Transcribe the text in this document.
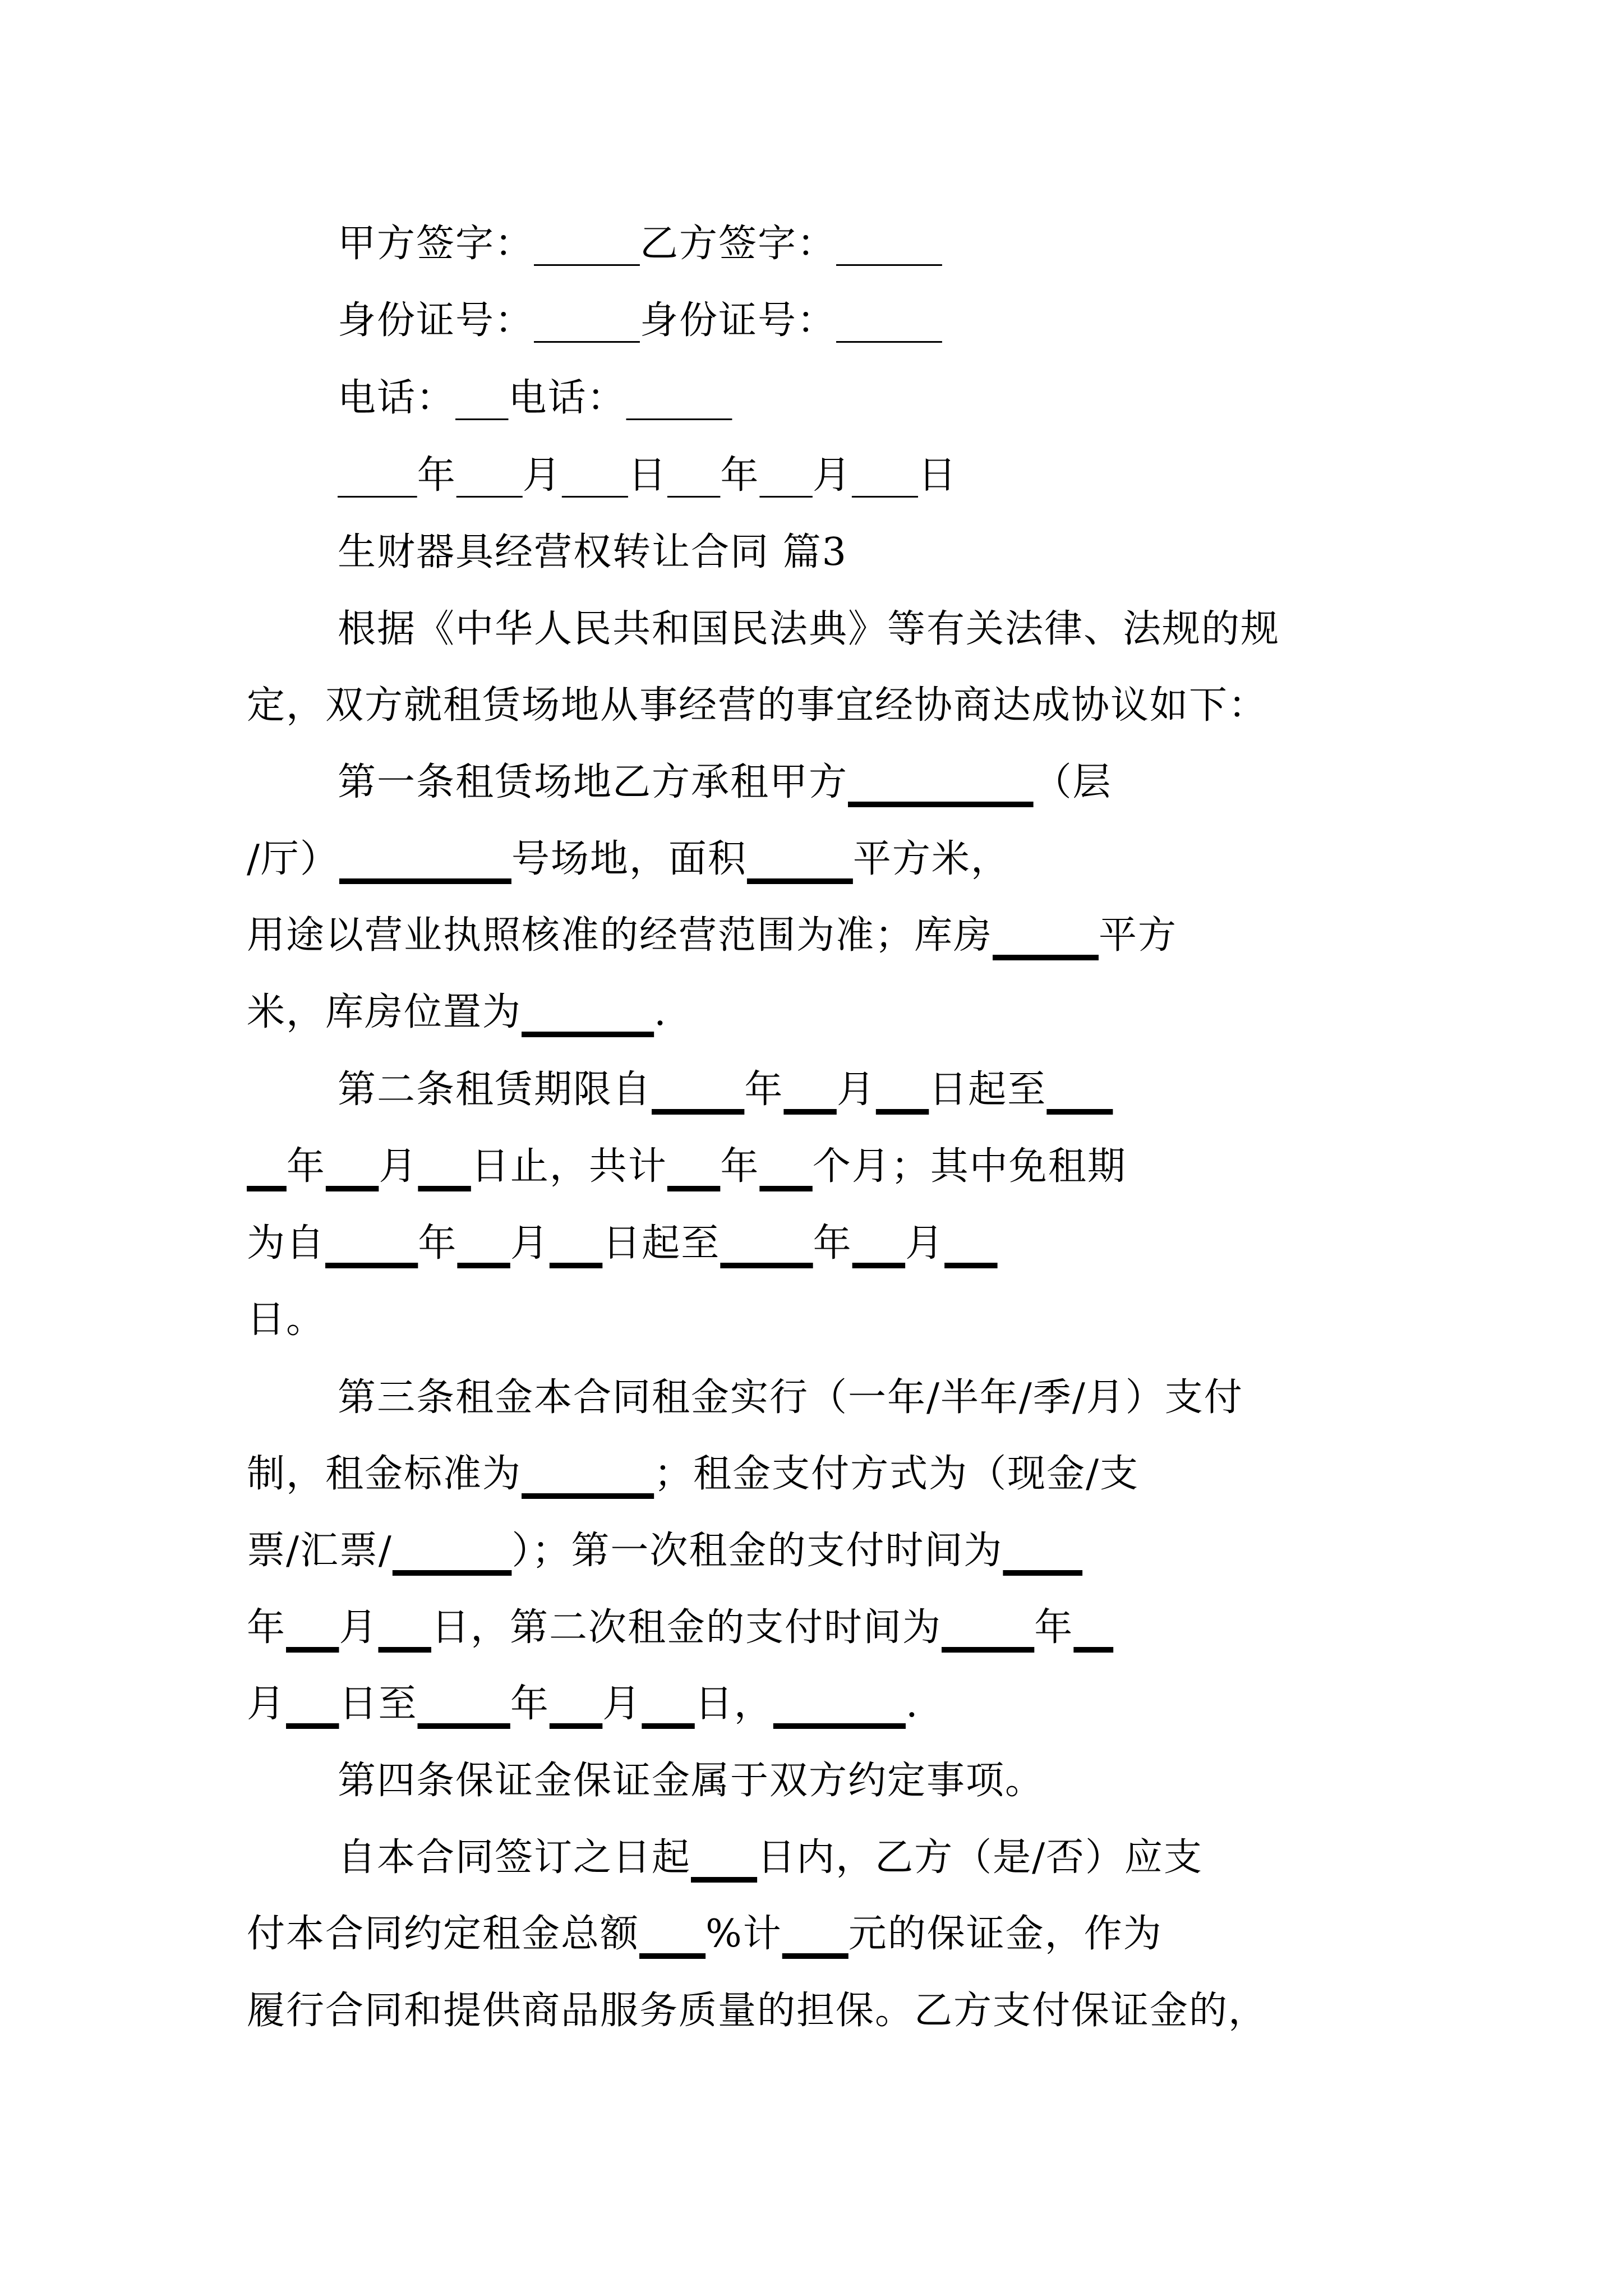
甲方签字：	乙方签字：
身份证号：	身份证号：
电话： 电话：
年 月 日 年 月 日
生财器具经营权转让合同 篇3
根据《中华人民共和国民法典》等有关法律、法规的规
定，双方就租赁场地从事经营的事宜经协商达成协议如下：
第一条租赁场地乙方承租甲方	（层
/厅）	号场地，面积	平方米，
用途以营业执照核准的经营范围为准；库房	平方
米，库房位置为	.
第二条租赁期限自 年 月 日起至
年 月 日止，共计 年 个月；其中免租期
为自 年 月 日起至 年 月
日。
第三条租金本合同租金实行（一年/半年/季/月）支付
制，租金标准为	；租金支付方式为（现金/支
票/汇票/	）；第一次租金的支付时间为
年 月 日，第二次租金的支付时间为 年
月 日至 年 月 日，	.
第四条保证金保证金属于双方约定事项。
自本合同签订之日起 日内，乙方（是/否）应支
付本合同约定租金总额 %计 元的保证金，作为
履行合同和提供商品服务质量的担保。乙方支付保证金的，
